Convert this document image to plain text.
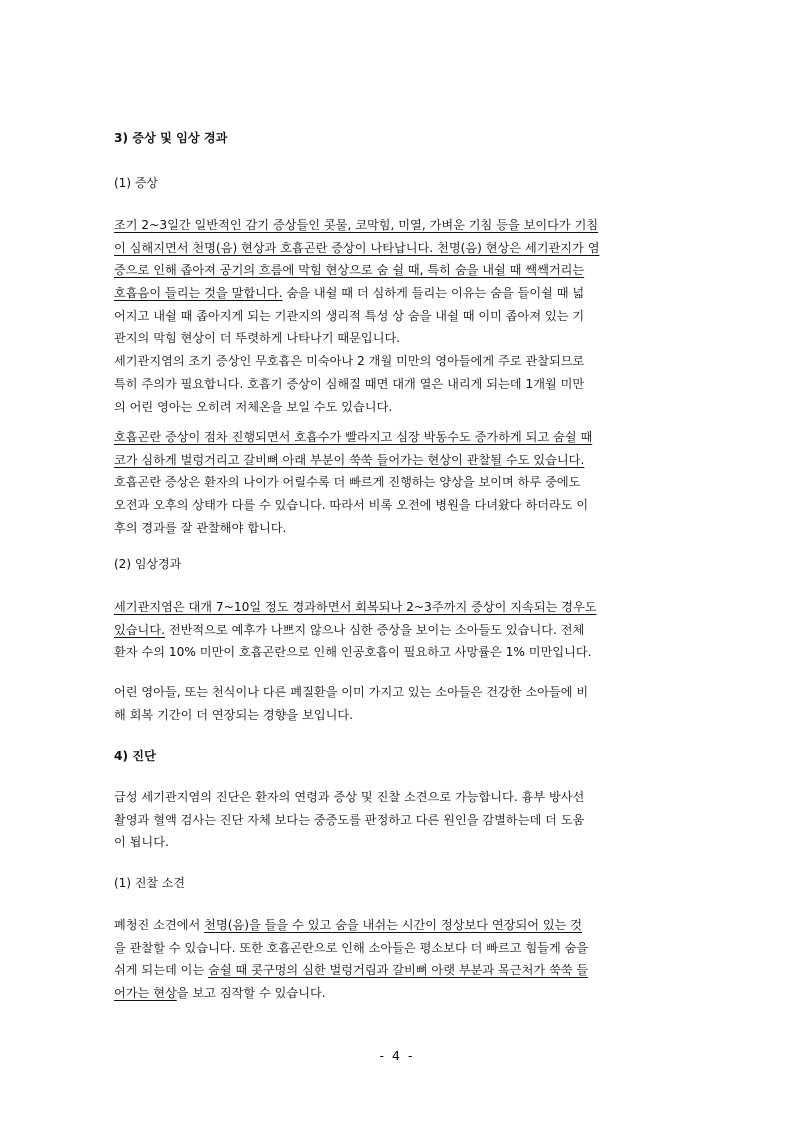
3) 증상 및 임상 경과
(1) 증상
조기 2~3일간 일반적인 감기 증상들인 콧물, 코막힘, 미열, 가벼운 기침 등을 보이다가 기침
이 심해지면서 천명(음) 현상과 호흡곤란 증상이 나타납니다. 천명(음) 현상은 세기관지가 염
증으로 인해 좁아져 공기의 흐름에 막힘 현상으로 숨 쉴 때, 특히 숨을 내쉴 때 쌕쌕거리는
호흡음이 들리는 것을 말합니다. 숨을 내쉴 때 더 심하게 들리는 이유는 숨을 들이쉴 때 넓
어지고 내쉴 때 좁아지게 되는 기관지의 생리적 특성 상 숨을 내쉴 때 이미 좁아져 있는 기
관지의 막힘 현상이 더 뚜렷하게 나타나기 때문입니다.
세기관지염의 조기 증상인 무호흡은 미숙아나 2 개월 미만의 영아들에게 주로 관찰되므로
특히 주의가 필요합니다. 호흡기 증상이 심해질 때면 대개 열은 내리게 되는데 1개월 미만
의 어린 영아는 오히려 저체온을 보일 수도 있습니다.
호흡곤란 증상이 점차 진행되면서 호흡수가 빨라지고 심장 박동수도 증가하게 되고 숨쉴 때
코가 심하게 벌렁거리고 갈비뼈 아래 부분이 쑥쑥 들어가는 현상이 관찰될 수도 있습니다.
호흡곤란 증상은 환자의 나이가 어릴수록 더 빠르게 진행하는 양상을 보이며 하루 중에도
오전과 오후의 상태가 다를 수 있습니다. 따라서 비록 오전에 병원을 다녀왔다 하더라도 이
후의 경과를 잘 관찰해야 합니다.
(2) 임상경과
세기관지염은 대개 7~10일 정도 경과하면서 회복되나 2~3주까지 증상이 지속되는 경우도
있습니다. 전반적으로 예후가 나쁘지 않으나 심한 증상을 보이는 소아들도 있습니다. 전체
환자 수의 10% 미만이 호흡곤란으로 인해 인공호흡이 필요하고 사망률은 1% 미만입니다.
어린 영아들, 또는 천식이나 다른 폐질환을 이미 가지고 있는 소아들은 건강한 소아들에 비
해 회복 기간이 더 연장되는 경향을 보입니다.
4) 진단
급성 세기관지염의 진단은 환자의 연령과 증상 및 진찰 소견으로 가능합니다. 흉부 방사선
촬영과 혈액 검사는 진단 자체 보다는 중증도를 판정하고 다른 원인을 감별하는데 더 도움
이 됩니다.
(1) 진찰 소견
폐청진 소견에서 천명(음)을 들을 수 있고 숨을 내쉬는 시간이 정상보다 연장되어 있는 것
을 관찰할 수 있습니다. 또한 호흡곤란으로 인해 소아들은 평소보다 더 빠르고 힘들게 숨을
쉬게 되는데 이는 숨쉴 때 콧구멍의 심한 벌렁거림과 갈비뼈 아랫 부분과 목근처가 쑥쑥 들
어가는 현상을 보고 짐작할 수 있습니다.
- 4 -
